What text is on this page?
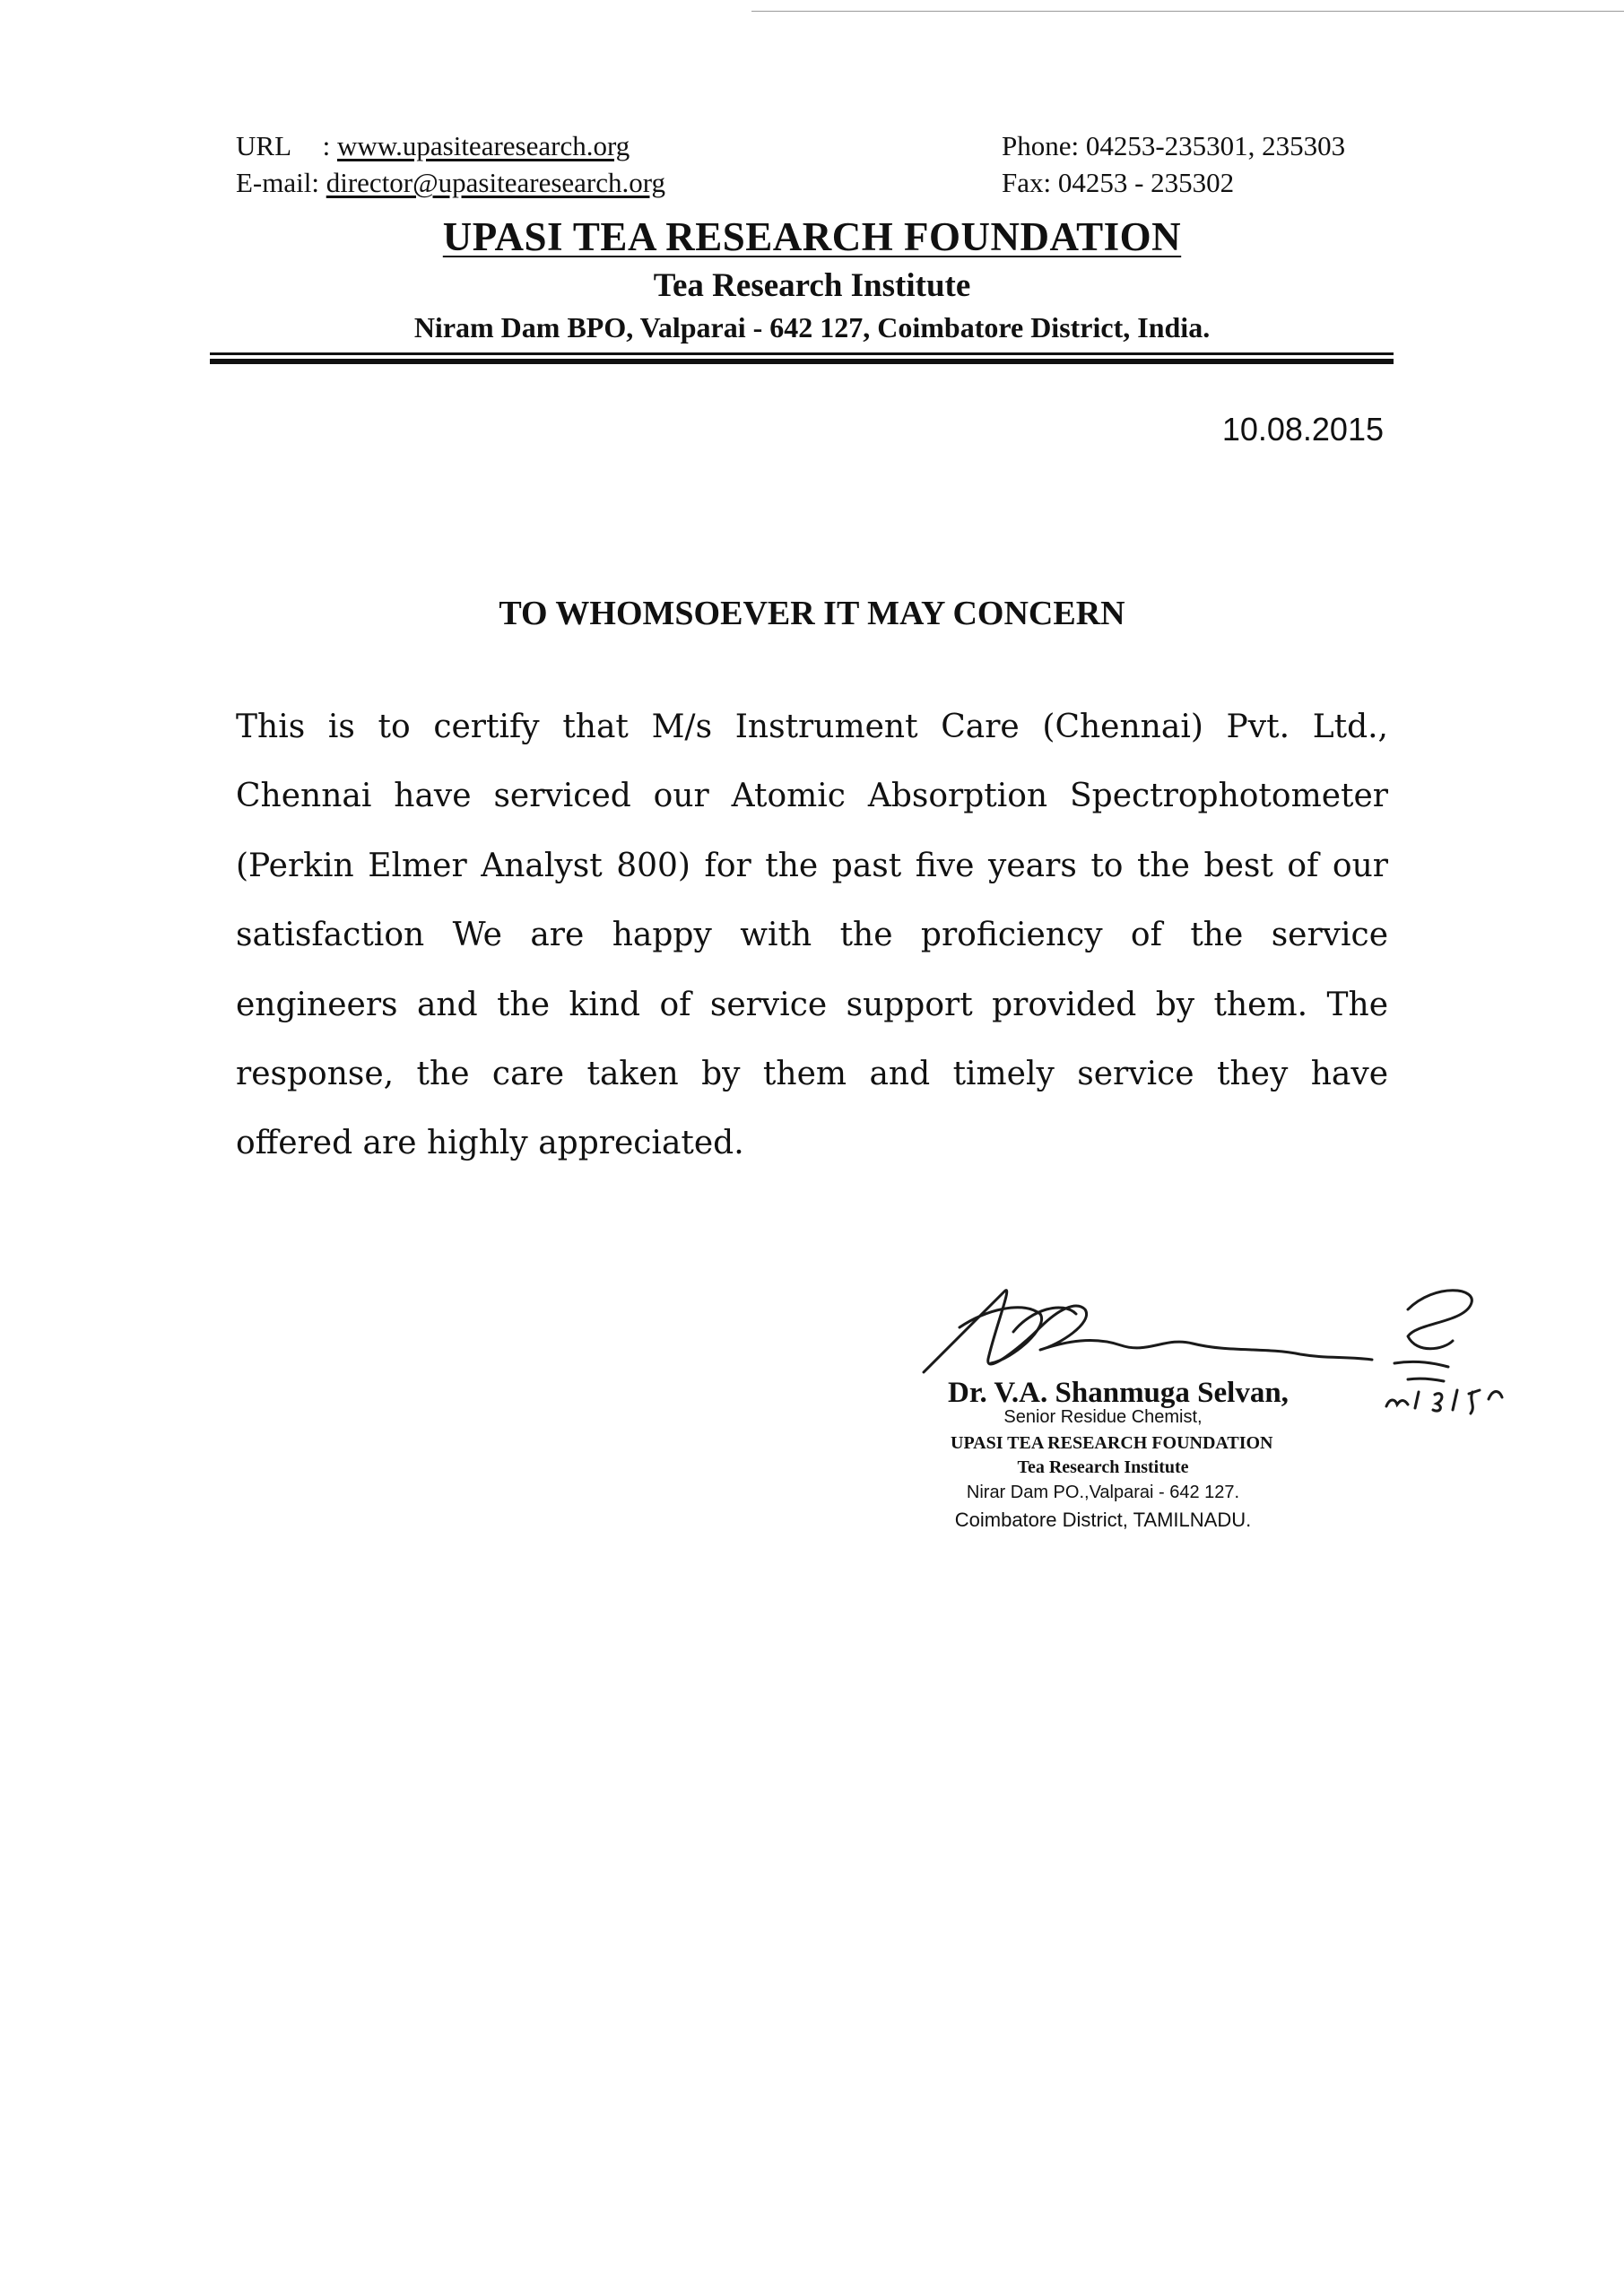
URL : www.upasitearesearch.org
E-mail: director@upasitearesearch.org
Phone: 04253-235301, 235303
Fax: 04253 - 235302
UPASI TEA RESEARCH FOUNDATION
Tea Research Institute
Niram Dam BPO, Valparai - 642 127, Coimbatore District, India.
10.08.2015
TO WHOMSOEVER IT MAY CONCERN

This is to certify that M/s Instrument Care (Chennai) Pvt. Ltd., Chennai have serviced our Atomic Absorption Spectrophotometer (Perkin Elmer Analyst 800) for the past five years to the best of our satisfaction We are happy with the proficiency of the service engineers and the kind of service support provided by them. The response, the care taken by them and timely service they have offered are highly appreciated.

Dr. V.A. Shanmuga Selvan,
Senior Residue Chemist,
UPASI TEA RESEARCH FOUNDATION
Tea Research Institute
Nirar Dam PO.,Valparai - 642 127.
Coimbatore District, TAMILNADU.
